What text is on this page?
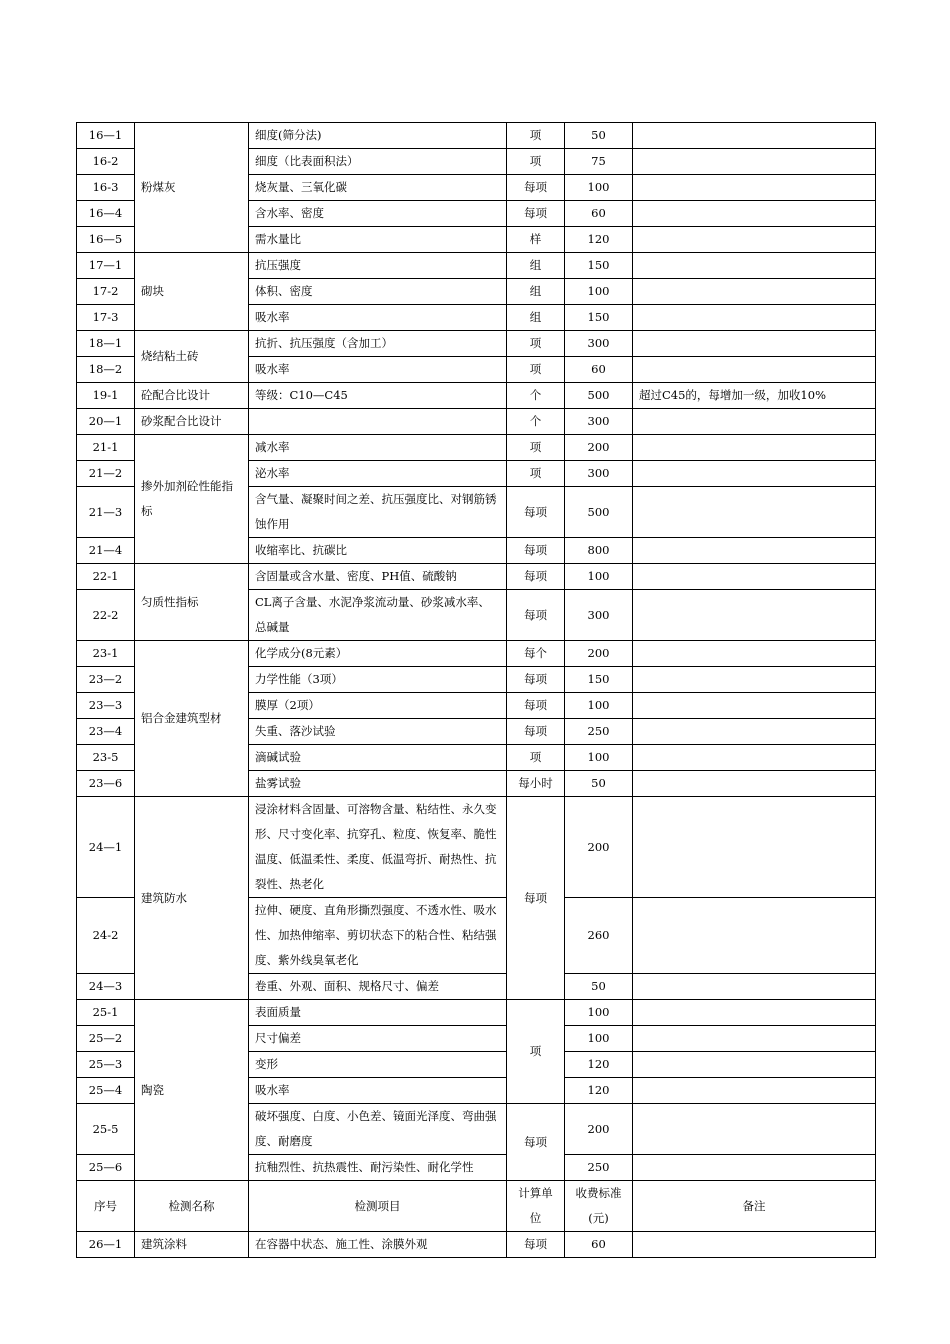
16—1	粉煤灰	细度(筛分法)	项	50	
16-2		细度（比表面积法）	项	75	
16-3		烧灰量、三氧化碳	每项	100	
16—4		含水率、密度	每项	60	
16—5		需水量比	样	120	
17—1	砌块	抗压强度	组	150	
17-2		体积、密度	组	100	
17-3		吸水率	组	150	
18—1	烧结粘土砖	抗折、抗压强度（含加工）	项	300	
18—2		吸水率	项	60	
19-1	砼配合比设计	等级：C10—C45	个	500	超过C45的，每增加一级，加收10%
20—1	砂浆配合比设计		个	300	
21-1	掺外加剂砼性能指标	减水率	项	200	
21—2		泌水率	项	300	
21—3		含气量、凝聚时间之差、抗压强度比、对钢筋锈蚀作用	每项	500	
21—4		收缩率比、抗碳比	每项	800	
22-1	匀质性指标	含固量或含水量、密度、PH值、硫酸钠	每项	100	
22-2		CL离子含量、水泥净浆流动量、砂浆减水率、总碱量	每项	300	
23-1	铝合金建筑型材	化学成分(8元素）	每个	200	
23—2		力学性能（3项）	每项	150	
23—3		膜厚（2项）	每项	100	
23—4		失重、落沙试验	每项	250	
23-5		滴碱试验	项	100	
23—6		盐雾试验	每小时	50	
24—1	建筑防水	浸涂材料含固量、可溶物含量、粘结性、永久变形、尺寸变化率、抗穿孔、粒度、恢复率、脆性温度、低温柔性、柔度、低温弯折、耐热性、抗裂性、热老化	每项	200	
24-2		拉伸、硬度、直角形撕烈强度、不透水性、吸水性、加热伸缩率、剪切状态下的粘合性、粘结强度、紫外线臭氧老化		260	
24—3		卷重、外观、面积、规格尺寸、偏差		50	
25-1	陶瓷	表面质量	项	100	
25—2		尺寸偏差		100	
25—3		变形		120	
25—4		吸水率		120	
25-5		破坏强度、白度、小色差、镜面光泽度、弯曲强度、耐磨度	每项	200	
25—6		抗釉烈性、抗热震性、耐污染性、耐化学性		250	
序号	检测名称	检测项目	计算单位	收费标准(元)	备注
26—1	建筑涂料	在容器中状态、施工性、涂膜外观	每项	60	
